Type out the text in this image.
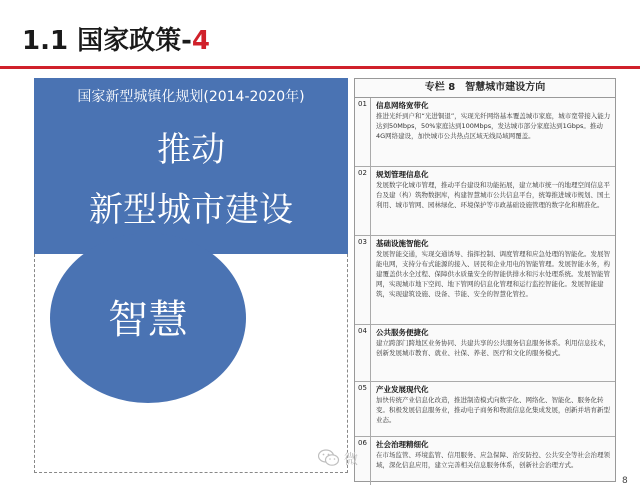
1.1 国家政策-4
国家新型城镇化规划(2014-2020年)
推动
新型城市建设
智慧
专栏 8　智慧城市建设方向
01	信息网络宽带化
推进光纤到户和“光进铜退”，实现光纤网络基本覆盖城市家庭，城市宽带接入能力达到50Mbps，50%家庭达到100Mbps，发达城市部分家庭达到1Gbps。推动4G网络建设，加快城市公共热点区域无线局域网覆盖。
02	规划管理信息化
发展数字化城市管理，推动平台建设和功能拓展，建立城市统一的地理空间信息平台及建（构）筑物数据库，构建智慧城市公共信息平台，统筹推进城市规划、国土利用、城市管网、园林绿化、环境保护等市政基础设施管理的数字化和精准化。
03	基础设施智能化
发展智能交通，实现交通诱导、指挥控制、调度管理和应急处理的智能化。发展智能电网，支持分布式能源的接入、居民和企业用电的智能管理。发展智能水务，构建覆盖供水全过程、保障供水质量安全的智能供排水和污水处理系统。发展智能管网，实现城市地下空间、地下管网的信息化管理和运行监控智能化。发展智能建筑，实现建筑设施、设备、节能、安全的智慧化管控。
04	公共服务便捷化
建立跨部门跨地区业务协同、共建共享的公共服务信息服务体系。利用信息技术，创新发展城市教育、就业、社保、养老、医疗和文化的服务模式。
05	产业发展现代化
加快传统产业信息化改造，推进制造模式向数字化、网络化、智能化、服务化转变。积极发展信息服务业，推动电子商务和物流信息化集成发展，创新并培育新型业态。
06	社会治理精细化
在市场监管、环境监管、信用服务、应急保障、治安防控、公共安全等社会治理领域，深化信息应用，建立完善相关信息服务体系，创新社会治理方式。
微
8
